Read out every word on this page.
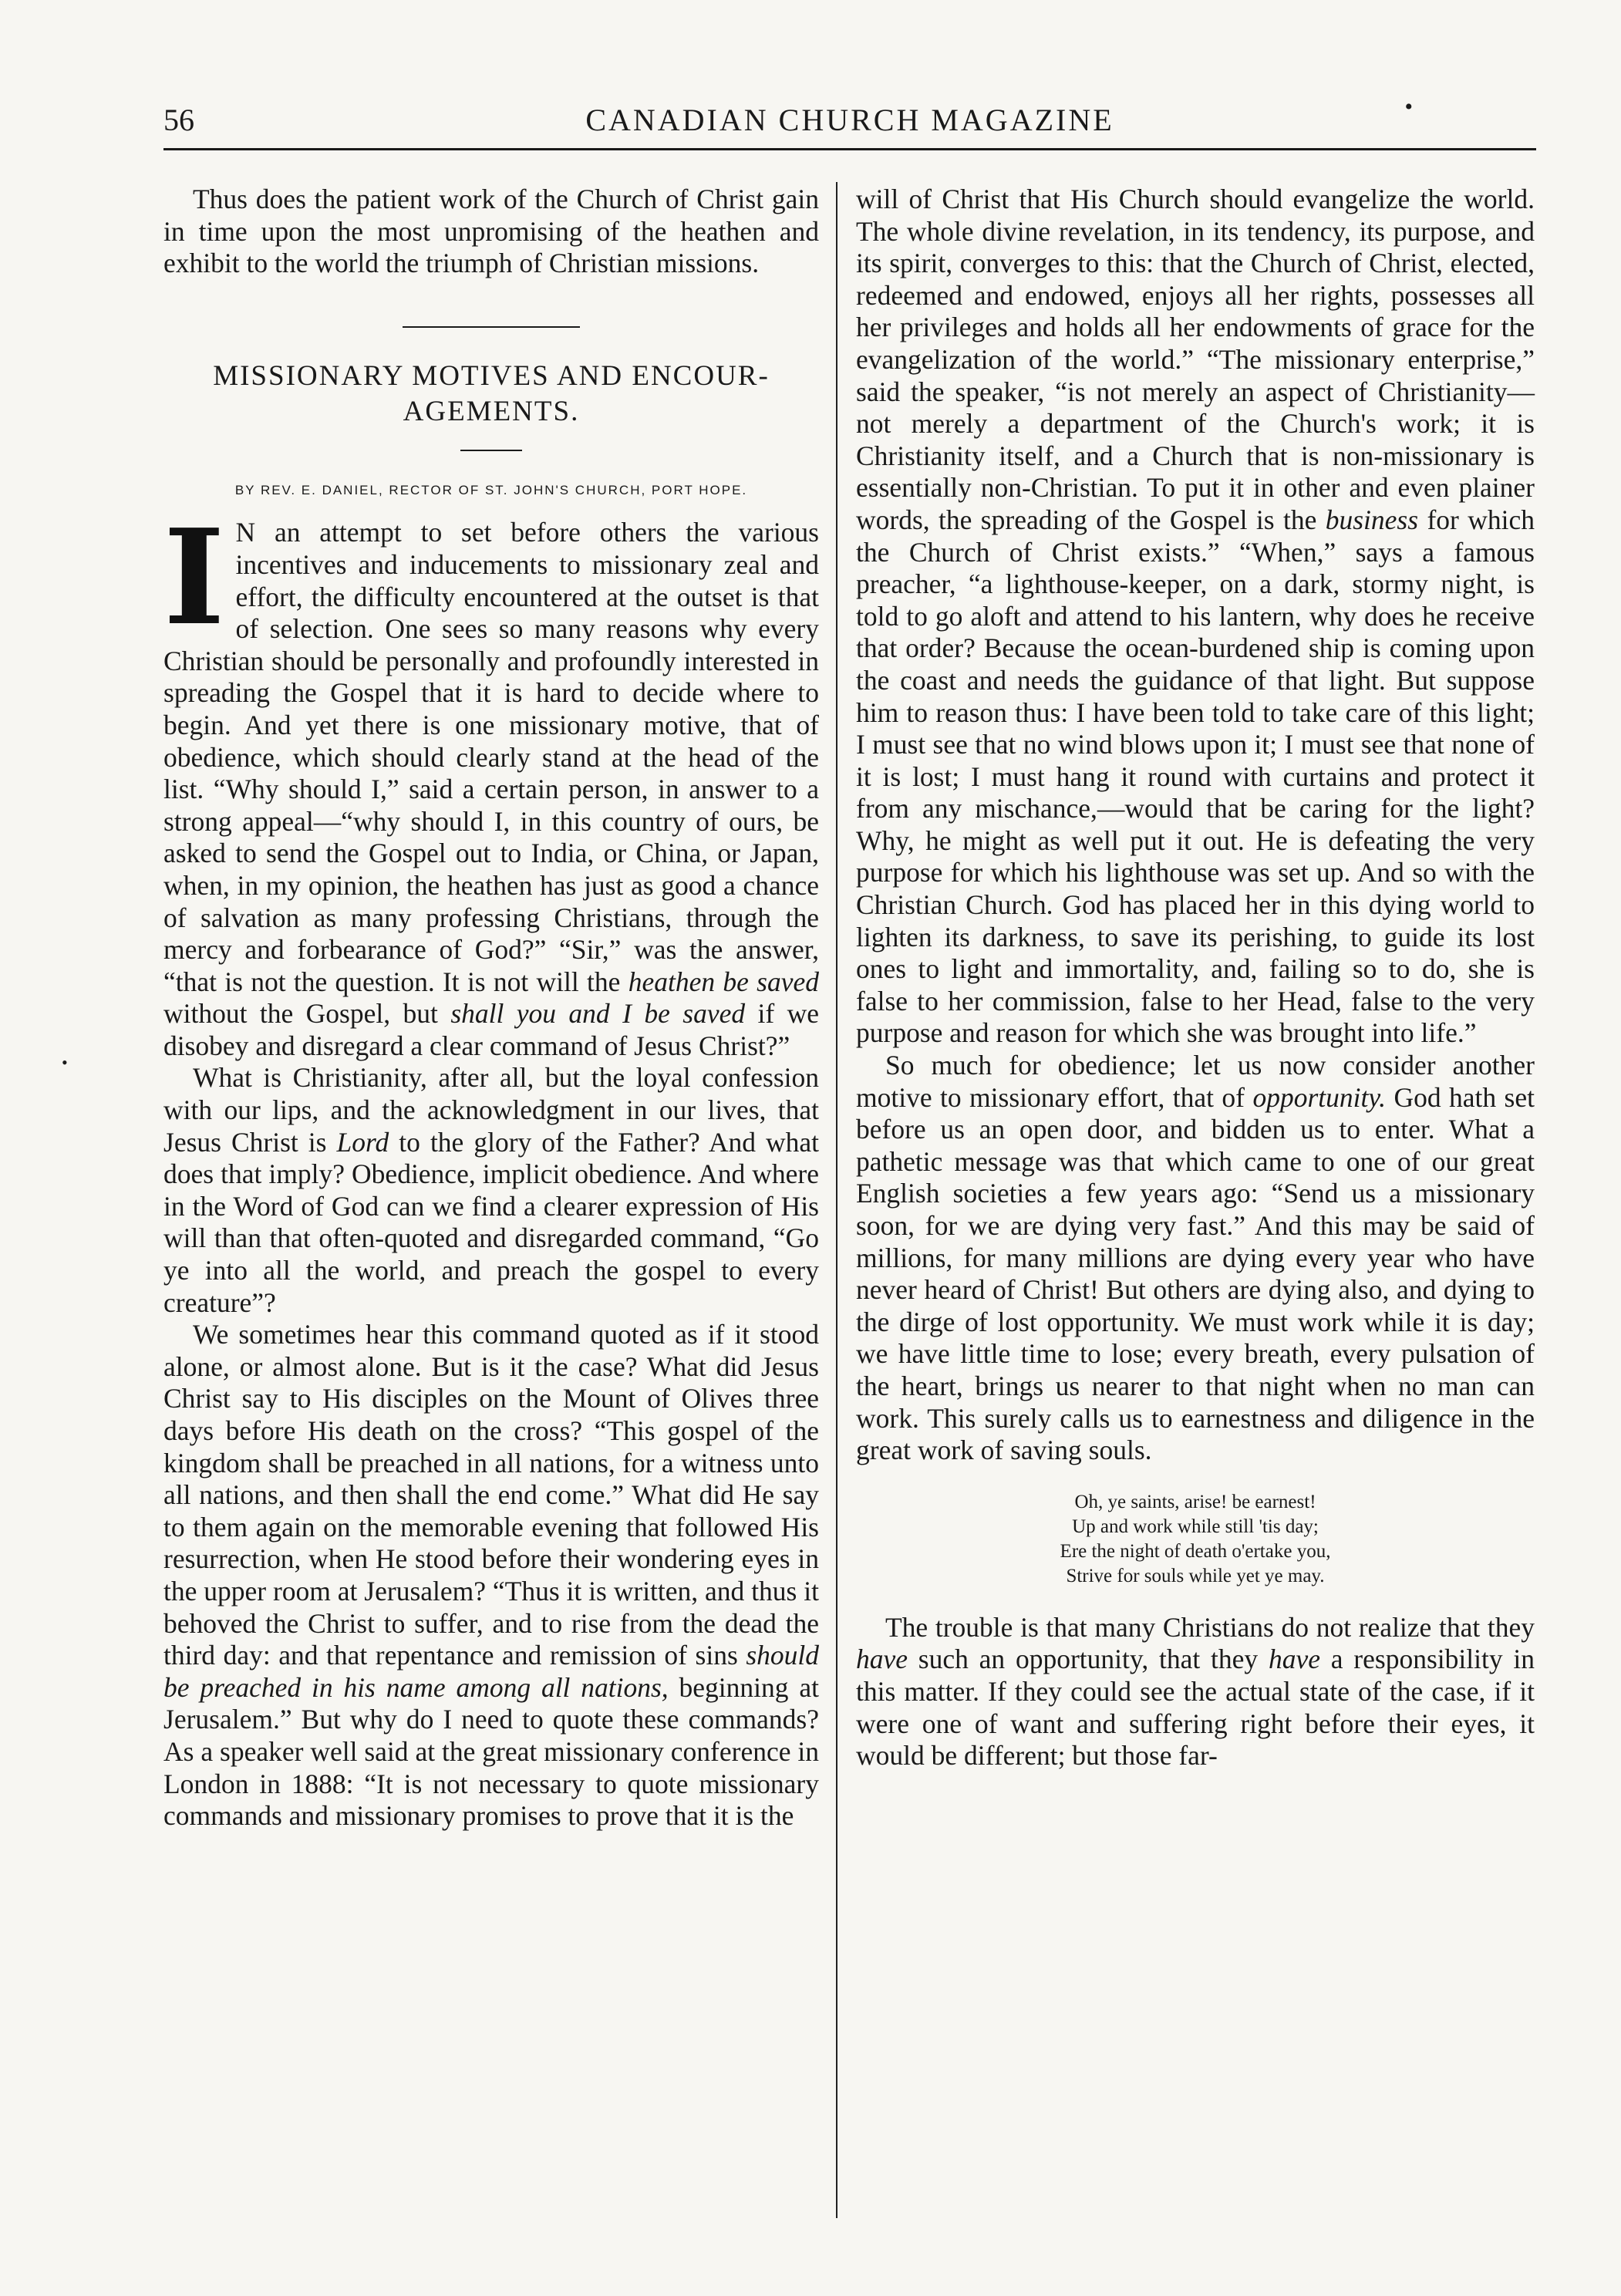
56	CANADIAN CHURCH MAGAZINE	•

Thus does the patient work of the Church of Christ gain in time upon the most unpromising of the heathen and exhibit to the world the triumph of Christian missions.

MISSIONARY MOTIVES AND ENCOUR-
AGEMENTS.
BY REV. E. DANIEL, RECTOR OF ST. JOHN'S CHURCH, PORT HOPE.

I N an attempt to set before others the various incentives and inducements to missionary zeal and effort, the difficulty encountered at the outset is that of selection. One sees so many reasons why every Christian should be personally and profoundly interested in spreading the Gospel that it is hard to decide where to begin. And yet there is one missionary motive, that of obedience, which should clearly stand at the head of the list. “Why should I,” said a certain person, in answer to a strong appeal—“why should I, in this country of ours, be asked to send the Gospel out to India, or China, or Japan, when, in my opinion, the heathen has just as good a chance of salvation as many professing Christians, through the mercy and forbearance of God?” “Sir,” was the answer, “that is not the question. It is not will the heathen be saved without the Gospel, but shall you and I be saved if we disobey and disregard a clear command of Jesus Christ?”

What is Christianity, after all, but the loyal confession with our lips, and the acknowledgment in our lives, that Jesus Christ is Lord to the glory of the Father? And what does that imply? Obedience, implicit obedience. And where in the Word of God can we find a clearer expression of His will than that often-quoted and disregarded command, “Go ye into all the world, and preach the gospel to every creature”?

We sometimes hear this command quoted as if it stood alone, or almost alone. But is it the case? What did Jesus Christ say to His disciples on the Mount of Olives three days before His death on the cross? “This gospel of the kingdom shall be preached in all nations, for a witness unto all nations, and then shall the end come.” What did He say to them again on the memorable evening that followed His resurrection, when He stood before their wondering eyes in the upper room at Jerusalem? “Thus it is written, and thus it behoved the Christ to suffer, and to rise from the dead the third day: and that repentance and remission of sins should be preached in his name among all nations, beginning at Jerusalem.” But why do I need to quote these commands? As a speaker well said at the great missionary conference in London in 1888: “It is not necessary to quote missionary commands and missionary promises to prove that it is the

will of Christ that His Church should evangelize the world. The whole divine revelation, in its tendency, its purpose, and its spirit, converges to this: that the Church of Christ, elected, redeemed and endowed, enjoys all her rights, possesses all her privileges and holds all her endowments of grace for the evangelization of the world.” “The missionary enterprise,” said the speaker, “is not merely an aspect of Christianity— not merely a department of the Church's work; it is Christianity itself, and a Church that is non-missionary is essentially non-Christian. To put it in other and even plainer words, the spreading of the Gospel is the business for which the Church of Christ exists.” “When,” says a famous preacher, “a lighthouse-keeper, on a dark, stormy night, is told to go aloft and attend to his lantern, why does he receive that order? Because the ocean-burdened ship is coming upon the coast and needs the guidance of that light. But suppose him to reason thus: I have been told to take care of this light; I must see that no wind blows upon it; I must see that none of it is lost; I must hang it round with curtains and protect it from any mischance,—would that be caring for the light? Why, he might as well put it out. He is defeating the very purpose for which his lighthouse was set up. And so with the Christian Church. God has placed her in this dying world to lighten its darkness, to save its perishing, to guide its lost ones to light and immortality, and, failing so to do, she is false to her commission, false to her Head, false to the very purpose and reason for which she was brought into life.”

So much for obedience; let us now consider another motive to missionary effort, that of opportunity. God hath set before us an open door, and bidden us to enter. What a pathetic message was that which came to one of our great English societies a few years ago: “Send us a missionary soon, for we are dying very fast.” And this may be said of millions, for many millions are dying every year who have never heard of Christ! But others are dying also, and dying to the dirge of lost opportunity. We must work while it is day; we have little time to lose; every breath, every pulsation of the heart, brings us nearer to that night when no man can work. This surely calls us to earnestness and diligence in the great work of saving souls.

Oh, ye saints, arise! be earnest!
Up and work while still 'tis day;
Ere the night of death o'ertake you,
Strive for souls while yet ye may.

The trouble is that many Christians do not realize that they have such an opportunity, that they have a responsibility in this matter. If they could see the actual state of the case, if it were one of want and suffering right before their eyes, it would be different; but those far-

•
